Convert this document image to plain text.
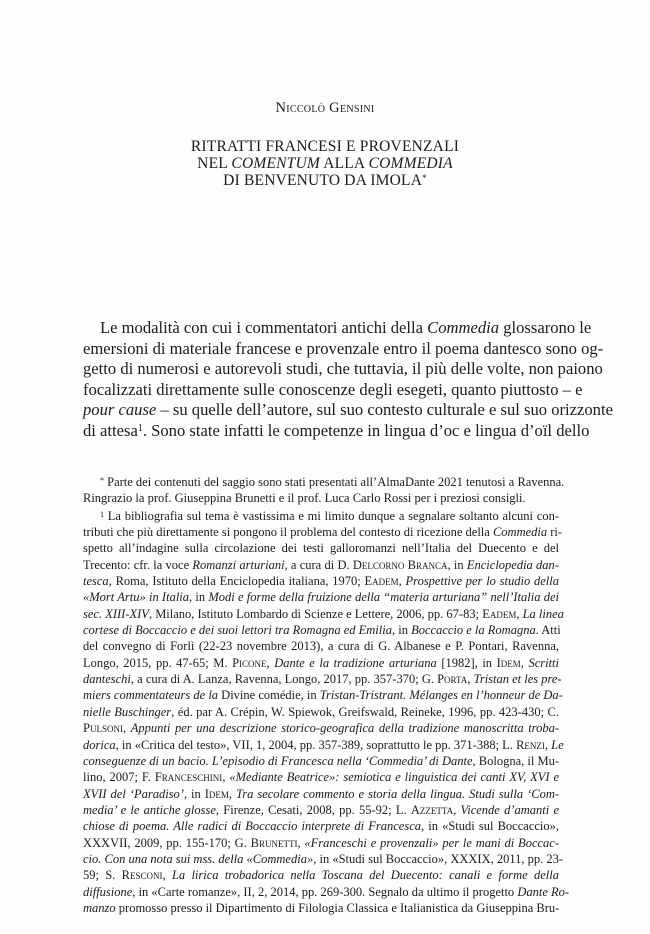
Niccolò Gensini
RITRATTI FRANCESI E PROVENZALI
NEL COMENTUM ALLA COMMEDIA
DI BENVENUTO DA IMOLA*
Le modalità con cui i commentatori antichi della Commedia glossarono le
emersioni di materiale francese e provenzale entro il poema dantesco sono og-
getto di numerosi e autorevoli studi, che tuttavia, il più delle volte, non paiono
focalizzati direttamente sulle conoscenze degli esegeti, quanto piuttosto – e
pour cause – su quelle dell’autore, sul suo contesto culturale e sul suo orizzonte
di attesa$^1$. Sono state infatti le competenze in lingua d’oc e lingua d’oïl dello
* Parte dei contenuti del saggio sono stati presentati all’AlmaDante 2021 tenutosi a Ravenna.
Ringrazio la prof. Giuseppina Brunetti e il prof. Luca Carlo Rossi per i preziosi consigli.
$^1$ La bibliografia sul tema è vastissima e mi limito dunque a segnalare soltanto alcuni con-
tributi che più direttamente si pongono il problema del contesto di ricezione della Commedia ri-
spetto all’indagine sulla circolazione dei testi galloromanzi nell’Italia del Duecento e del
Trecento: cfr. la voce Romanzi arturiani, a cura di D. Delcorno Branca, in Enciclopedia dan-
tesca, Roma, Istituto della Enciclopedia italiana, 1970; Eadem, Prospettive per lo studio della
«Mort Artu» in Italia, in Modi e forme della fruizione della “materia arturiana” nell’Italia dei
sec. XIII-XIV, Milano, Istituto Lombardo di Scienze e Lettere, 2006, pp. 67-83; Eadem, La linea
cortese di Boccaccio e dei suoi lettori tra Romagna ed Emilia, in Boccaccio e la Romagna. Atti
del convegno di Forlì (22-23 novembre 2013), a cura di G. Albanese e P. Pontari, Ravenna,
Longo, 2015, pp. 47-65; M. Picone, Dante e la tradizione arturiana [1982], in Idem, Scritti
danteschi, a cura di A. Lanza, Ravenna, Longo, 2017, pp. 357-370; G. Porta, Tristan et les pre-
miers commentateurs de la Divine comédie, in Tristan-Tristrant. Mélanges en l’honneur de Da-
nielle Buschinger, éd. par A. Crépin, W. Spiewok, Greifswald, Reineke, 1996, pp. 423-430; C.
Pulsoni, Appunti per una descrizione storico-geografica della tradizione manoscritta troba-
dorica, in «Critica del testo», VII, 1, 2004, pp. 357-389, soprattutto le pp. 371-388; L. Renzi, Le
conseguenze di un bacio. L’episodio di Francesca nella ‘Commedia’ di Dante, Bologna, il Mu-
lino, 2007; F. Franceschini, «Mediante Beatrice»: semiotica e linguistica dei canti XV, XVI e
XVII del ‘Paradiso’, in Idem, Tra secolare commento e storia della lingua. Studi sulla ‘Com-
media’ e le antiche glosse, Firenze, Cesati, 2008, pp. 55-92; L. Azzetta, Vicende d’amanti e
chiose di poema. Alle radici di Boccaccio interprete di Francesca, in «Studi sul Boccaccio»,
XXXVII, 2009, pp. 155-170; G. Brunetti, «Franceschi e provenzali» per le mani di Boccac-
cio. Con una nota sui mss. della «Commedia», in «Studi sul Boccaccio», XXXIX, 2011, pp. 23-
59; S. Resconi, La lirica trobadorica nella Toscana del Duecento: canali e forme della
diffusione, in «Carte romanze», II, 2, 2014, pp. 269-300. Segnalo da ultimo il progetto Dante Ro-
manzo promosso presso il Dipartimento di Filologia Classica e Italianistica da Giuseppina Bru-
